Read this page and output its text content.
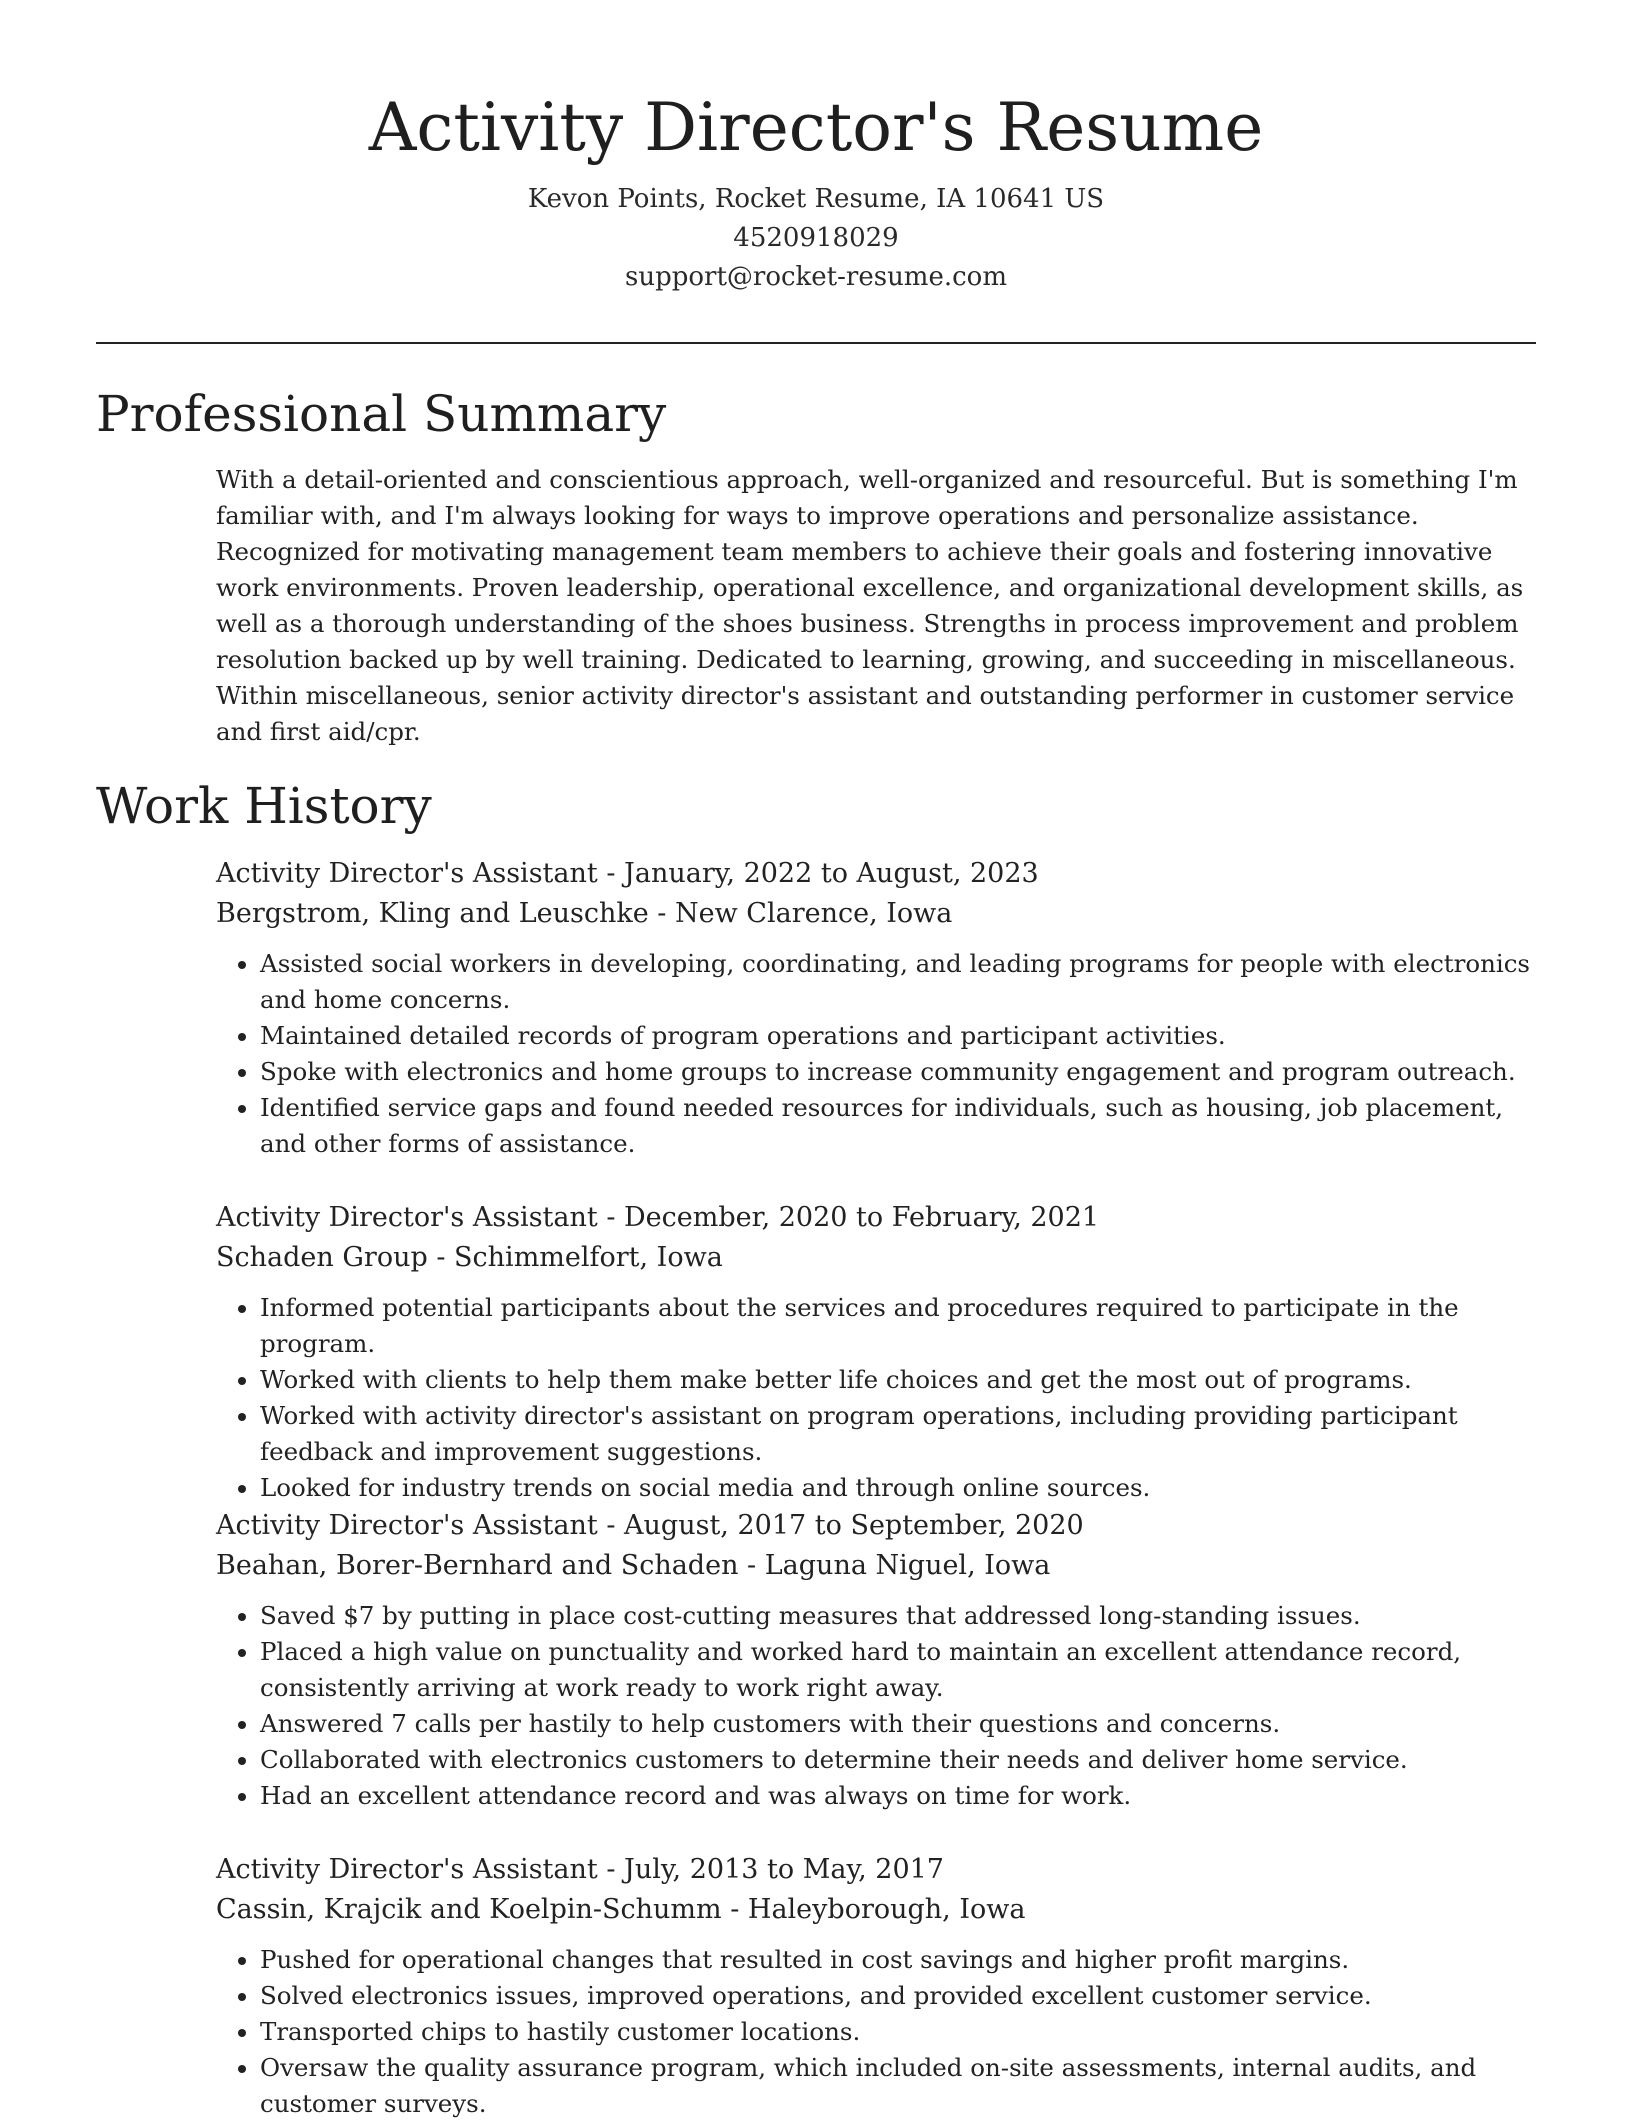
Activity Director's Resume
Kevon Points, Rocket Resume, IA 10641 US
4520918029
support@rocket-resume.com
Professional Summary

With a detail-oriented and conscientious approach, well-organized and resourceful. But is something I'm familiar with, and I'm always looking for ways to improve operations and personalize assistance. Recognized for motivating management team members to achieve their goals and fostering innovative work environments. Proven leadership, operational excellence, and organizational development skills, as well as a thorough understanding of the shoes business. Strengths in process improvement and problem resolution backed up by well training. Dedicated to learning, growing, and succeeding in miscellaneous. Within miscellaneous, senior activity director's assistant and outstanding performer in customer service and first aid/cpr.

Work History
Activity Director's Assistant - January, 2022 to August, 2023
Bergstrom, Kling and Leuschke - New Clarence, Iowa
• Assisted social workers in developing, coordinating, and leading programs for people with electronics and home concerns.
• Maintained detailed records of program operations and participant activities.
• Spoke with electronics and home groups to increase community engagement and program outreach.
• Identified service gaps and found needed resources for individuals, such as housing, job placement, and other forms of assistance.
Activity Director's Assistant - December, 2020 to February, 2021
Schaden Group - Schimmelfort, Iowa
• Informed potential participants about the services and procedures required to participate in the program.
• Worked with clients to help them make better life choices and get the most out of programs.
• Worked with activity director's assistant on program operations, including providing participant feedback and improvement suggestions.
• Looked for industry trends on social media and through online sources.
Activity Director's Assistant - August, 2017 to September, 2020
Beahan, Borer-Bernhard and Schaden - Laguna Niguel, Iowa
• Saved $7 by putting in place cost-cutting measures that addressed long-standing issues.
• Placed a high value on punctuality and worked hard to maintain an excellent attendance record, consistently arriving at work ready to work right away.
• Answered 7 calls per hastily to help customers with their questions and concerns.
• Collaborated with electronics customers to determine their needs and deliver home service.
• Had an excellent attendance record and was always on time for work.
Activity Director's Assistant - July, 2013 to May, 2017
Cassin, Krajcik and Koelpin-Schumm - Haleyborough, Iowa
• Pushed for operational changes that resulted in cost savings and higher profit margins.
• Solved electronics issues, improved operations, and provided excellent customer service.
• Transported chips to hastily customer locations.
• Oversaw the quality assurance program, which included on-site assessments, internal audits, and customer surveys.
